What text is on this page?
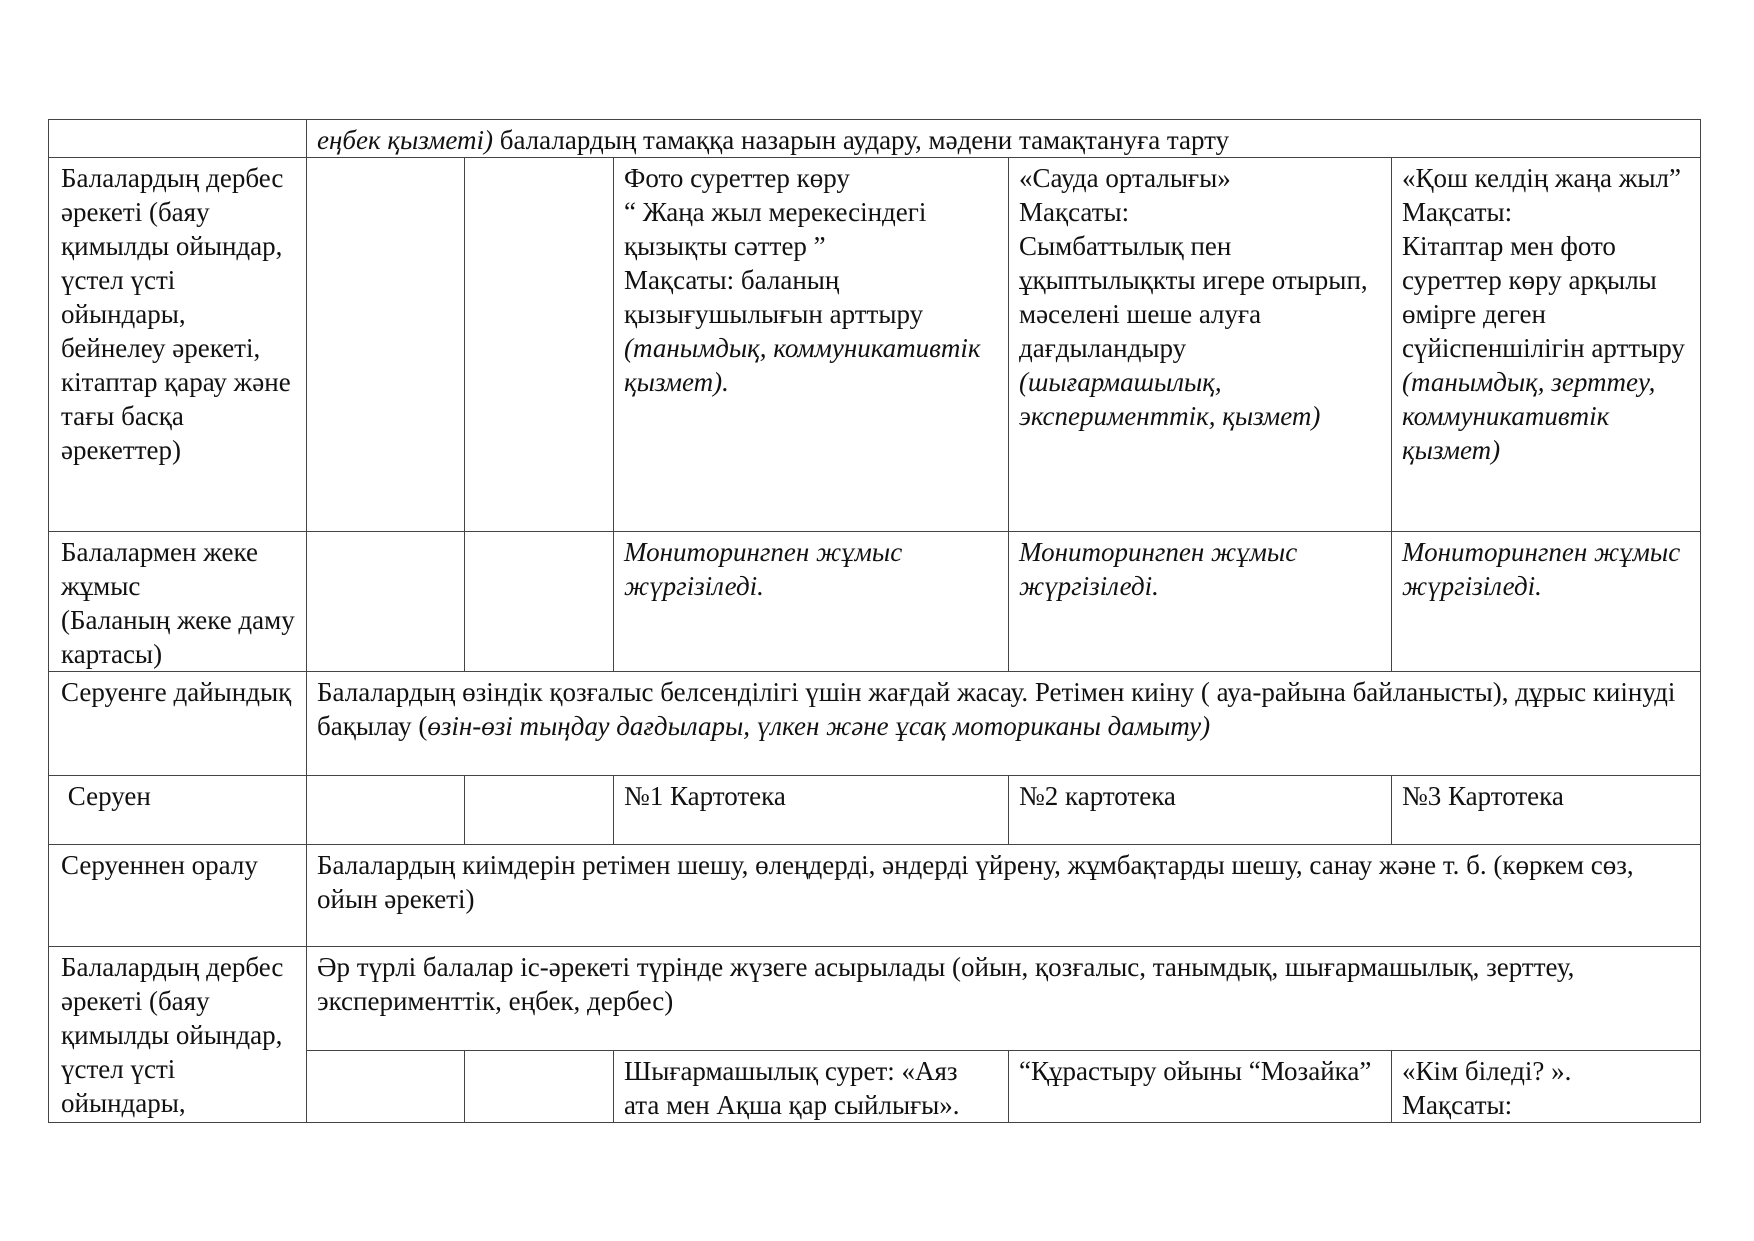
	еңбек қызметі) балалардың тамаққа назарын аудару, мәдени тамақтануға тарту				
Балалардың дербес әрекеті (баяу қимылды ойындар, үстел үсті ойындары, бейнелеу әрекеті, кітаптар қарау және тағы басқа әрекеттер)			Фото суреттер көру
“ Жаңа жыл мерекесіндегі қызықты сәттер ”
Мақсаты: баланың қызығушылығын арттыру
(танымдық, коммуникативтік қызмет).	«Сауда орталығы»
Мақсаты:
Сымбаттылық пен ұқыптылықкты игере отырып, мәселені шеше алуға дағдыландыру
(шығармашылық, эксперименттік, қызмет)	«Қош келдің жаңа жыл”
Мақсаты:
Кітаптар мен фото суреттер көру арқылы өмірге деген сүйіспеншілігін арттыру
(танымдық, зерттеу, коммуникативтік қызмет)
Балалармен жеке жұмыс
(Баланың жеке даму картасы)			Мониторингпен жұмыс жүргізіледі.	Мониторингпен жұмыс жүргізіледі.	Мониторингпен жұмыс жүргізіледі.
Серуенге дайындық	Балалардың өзіндік қозғалыс белсенділігі үшін жағдай жасау. Ретімен киіну ( ауа-райына байланысты), дұрыс киінуді бақылау (өзін-өзі тыңдау дағдылары, үлкен және ұсақ моториканы дамыту)				
Серуен			№1 Картотека	№2 картотека	№3 Картотека
Серуеннен оралу	Балалардың киімдерін ретімен шешу, өлеңдерді, әндерді үйрену, жұмбақтарды шешу, санау және т. б. (көркем сөз, ойын әрекеті)				
Балалардың дербес әрекеті (баяу қимылды ойындар, үстел үсті ойындары,	Әр түрлі балалар іс-әрекеті түрінде жүзеге асырылады (ойын, қозғалыс, танымдық, шығармашылық, зерттеу, эксперименттік, еңбек, дербес)				
			Шығармашылық сурет: «Аяз ата мен Ақша қар сыйлығы».	“Құрастыру ойыны “Мозайка”	«Кім біледі? ».
Мақсаты:
